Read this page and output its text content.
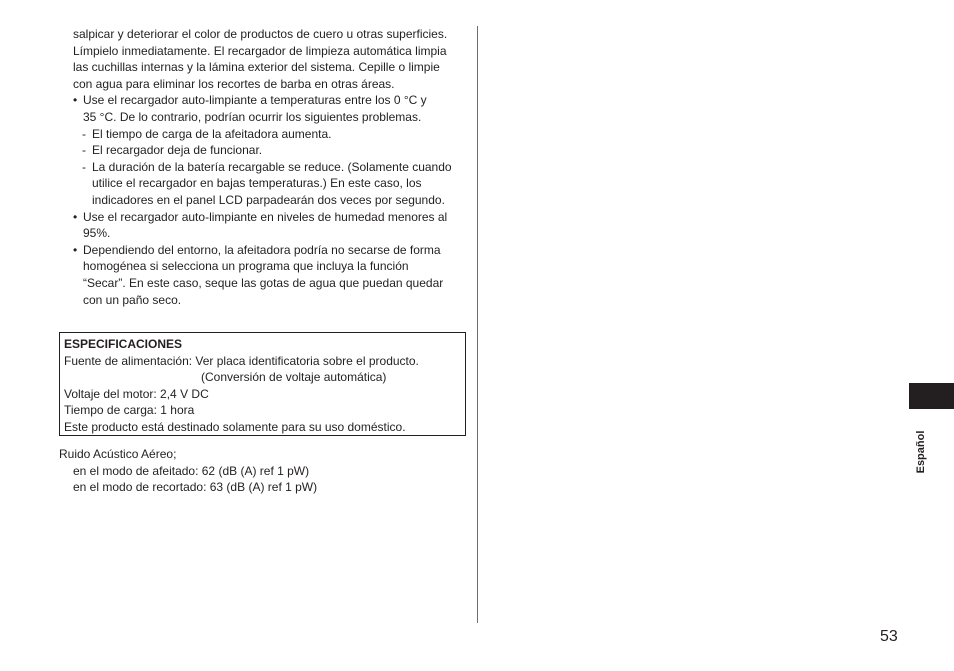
salpicar y deteriorar el color de productos de cuero u otras superficies.
Límpielo inmediatamente. El recargador de limpieza automática limpia
las cuchillas internas y la lámina exterior del sistema. Cepille o limpie
con agua para eliminar los recortes de barba en otras áreas.
• Use el recargador auto-limpiante a temperaturas entre los 0 °C y
35 °C. De lo contrario, podrían ocurrir los siguientes problemas.
- El tiempo de carga de la afeitadora aumenta.
- El recargador deja de funcionar.
- La duración de la batería recargable se reduce. (Solamente cuando
utilice el recargador en bajas temperaturas.) En este caso, los
indicadores en el panel LCD parpadearán dos veces por segundo.
• Use el recargador auto-limpiante en niveles de humedad menores al
95%.
• Dependiendo del entorno, la afeitadora podría no secarse de forma
homogénea si selecciona un programa que incluya la función
“Secar”. En este caso, seque las gotas de agua que puedan quedar
con un paño seco.
ESPECIFICACIONES
Fuente de alimentación: Ver placa identificatoria sobre el producto.
(Conversión de voltaje automática)
Voltaje del motor: 2,4 V DC
Tiempo de carga: 1 hora
Este producto está destinado solamente para su uso doméstico.
Ruido Acústico Aéreo;
en el modo de afeitado: 62 (dB (A) ref 1 pW)
en el modo de recortado: 63 (dB (A) ref 1 pW)
Español
53
